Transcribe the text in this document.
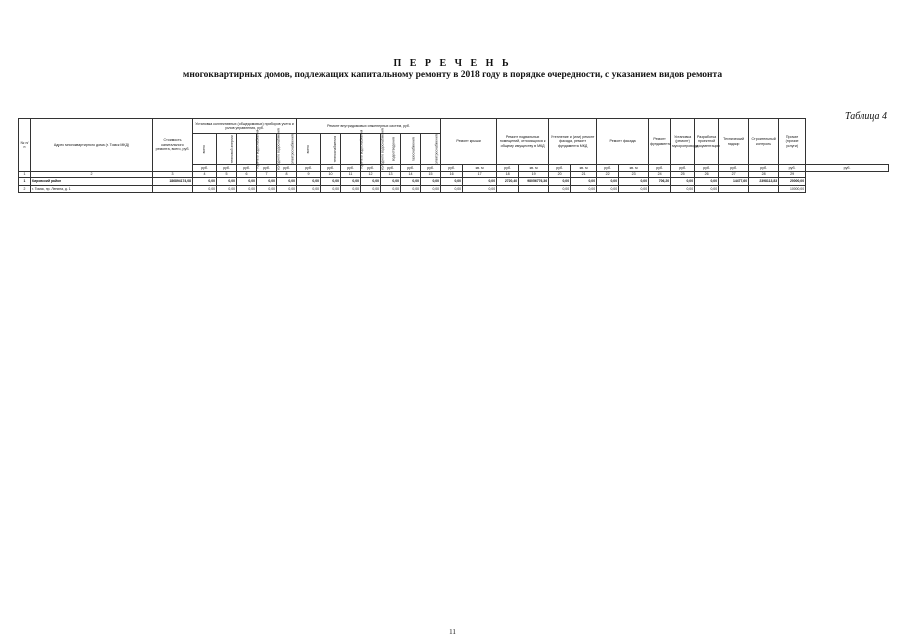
П Е Р Е Ч Е Н Ь
многоквартирных домов, подлежащих капитальному ремонту в 2018 году в порядке очередности, с указанием видов ремонта
Таблица 4
№ п/п	Адрес многоквартирного дома (г. Томск МКД)	Стоимость капитального ремонта, всего, руб.	Установка коллективных (общедомовых) приборов учета и узлов управления, руб.					Ремонт внутридомовых инженерных систем, руб.							Ремонт крыши		Ремонт подвальных помещений, относящихся к общему имуществу в МКД		Утепление и (или) ремонт фасада, ремонт фундамента МКД		Ремонт фасада		Ремонт фундамента	Установка (ремонт) мусоропровода	Разработка проектной документации	Технический надзор	Строительный контроль	Прочие (прочие услуги)	
			всего	тепловой энергии	горячего водоснабжения	холодного водоснабжения	электроснабжения	всего	теплоснабжения	горячего водоснабжения	холодного водоснабжения	водоотведения	газоснабжения	электроснабжения															
			руб.	руб.	руб.	руб.	руб.	руб.	руб.	руб.	руб.	руб.	руб.	руб.	руб.	кв. м	руб.	кв. м	руб.	кв. м	руб.	кв. м	руб.	руб.	руб.	руб.	руб.	руб.	руб.
1	2	3	4	5	6	7	8	9	10	11	12	13	14	15	16	17	18	19	20	21	22	23	24	25	26	27	28	29	
1	Кировский район	186894174,08	0,00	0,00	0,00	0,00	0,00	0,00	0,00	0,00	0,00	0,00	0,00	0,00	0,00	0,00	2720,40	98056776,36	0,00	0,00	0,00	0,00	706,20	0,00	0,00	14477,60	2398113,83	20000,00	
2	г. Томск, пр. Ленина, д. 1		0,00	0,00	0,00	0,00	0,00	0,00	0,00	0,00	0,00	0,00	0,00	0,00	0,00	0,00			0,00	0,00	0,00	0,00		0,00	0,00			10000,00	
11
